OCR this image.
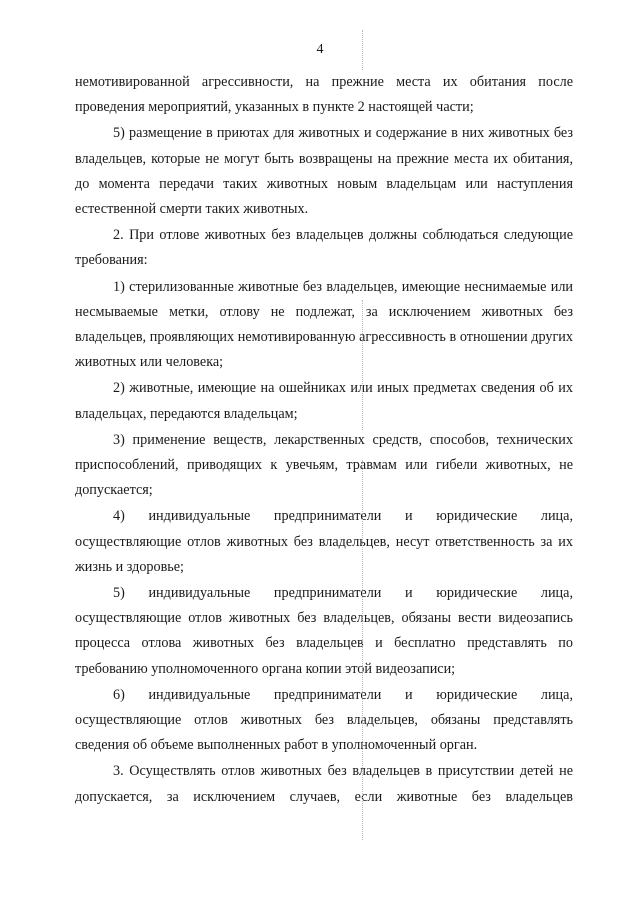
4

немотивированной агрессивности, на прежние места их обитания после проведения мероприятий, указанных в пункте 2 настоящей части;

5) размещение в приютах для животных и содержание в них животных без владельцев, которые не могут быть возвращены на прежние места их обитания, до момента передачи таких животных новым владельцам или наступления естественной смерти таких животных.

2. При отлове животных без владельцев должны соблюдаться следующие требования:

1) стерилизованные животные без владельцев, имеющие неснимаемые или несмываемые метки, отлову не подлежат, за исключением животных без владельцев, проявляющих немотивированную агрессивность в отношении других животных или человека;

2) животные, имеющие на ошейниках или иных предметах сведения об их владельцах, передаются владельцам;

3) применение веществ, лекарственных средств, способов, технических приспособлений, приводящих к увечьям, травмам или гибели животных, не допускается;

4) индивидуальные предприниматели и юридические лица, осуществляющие отлов животных без владельцев, несут ответственность за их жизнь и здоровье;

5) индивидуальные предприниматели и юридические лица, осуществляющие отлов животных без владельцев, обязаны вести видеозапись процесса отлова животных без владельцев и бесплатно представлять по требованию уполномоченного органа копии этой видеозаписи;

6) индивидуальные предприниматели и юридические лица, осуществляющие отлов животных без владельцев, обязаны представлять сведения об объеме выполненных работ в уполномоченный орган.

3. Осуществлять отлов животных без владельцев в присутствии детей не допускается, за исключением случаев, если животные без владельцев
